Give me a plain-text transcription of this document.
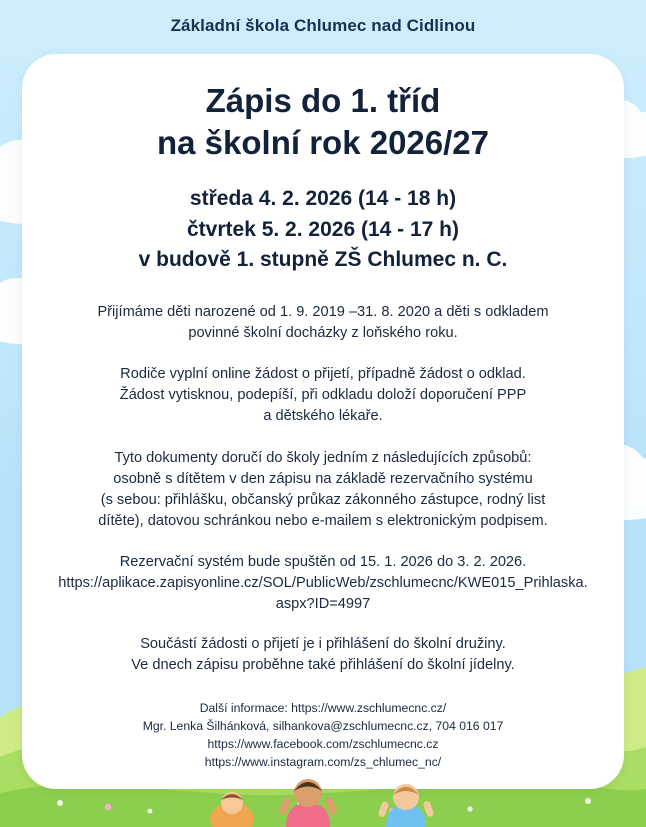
Základní škola Chlumec nad Cidlinou
Zápis do 1. tříd
na školní rok 2026/27
středa 4. 2. 2026 (14 - 18 h)
čtvrtek 5. 2. 2026 (14 - 17 h)
v budově 1. stupně ZŠ Chlumec n. C.
Přijímáme děti narozené od 1. 9. 2019 –31. 8. 2020 a děti s odkladem
povinné školní docházky z loňského roku.
Rodiče vyplní online žádost o přijetí, případně žádost o odklad.
Žádost vytisknou, podepíší, při odkladu doloží doporučení PPP
a dětského lékaře.
Tyto dokumenty doručí do školy jedním z následujících způsobů:
osobně s dítětem v den zápisu na základě rezervačního systému
(s sebou: přihlášku, občanský průkaz zákonného zástupce, rodný list
dítěte), datovou schránkou nebo e-mailem s elektronickým podpisem.
Rezervační systém bude spuštěn od 15. 1. 2026 do 3. 2. 2026.
https://aplikace.zapisyonline.cz/SOL/PublicWeb/zschlumecnc/KWE015_Prihlaska.aspx?ID=4997
Součástí žádosti o přijetí je i přihlášení do školní družiny.
Ve dnech zápisu proběhne také přihlášení do školní jídelny.
Další informace: https://www.zschlumecnc.cz/
Mgr. Lenka Šilhánková, silhankova@zschlumecnc.cz, 704 016 017
https://www.facebook.com/zschlumecnc.cz
https://www.instagram.com/zs_chlumec_nc/
